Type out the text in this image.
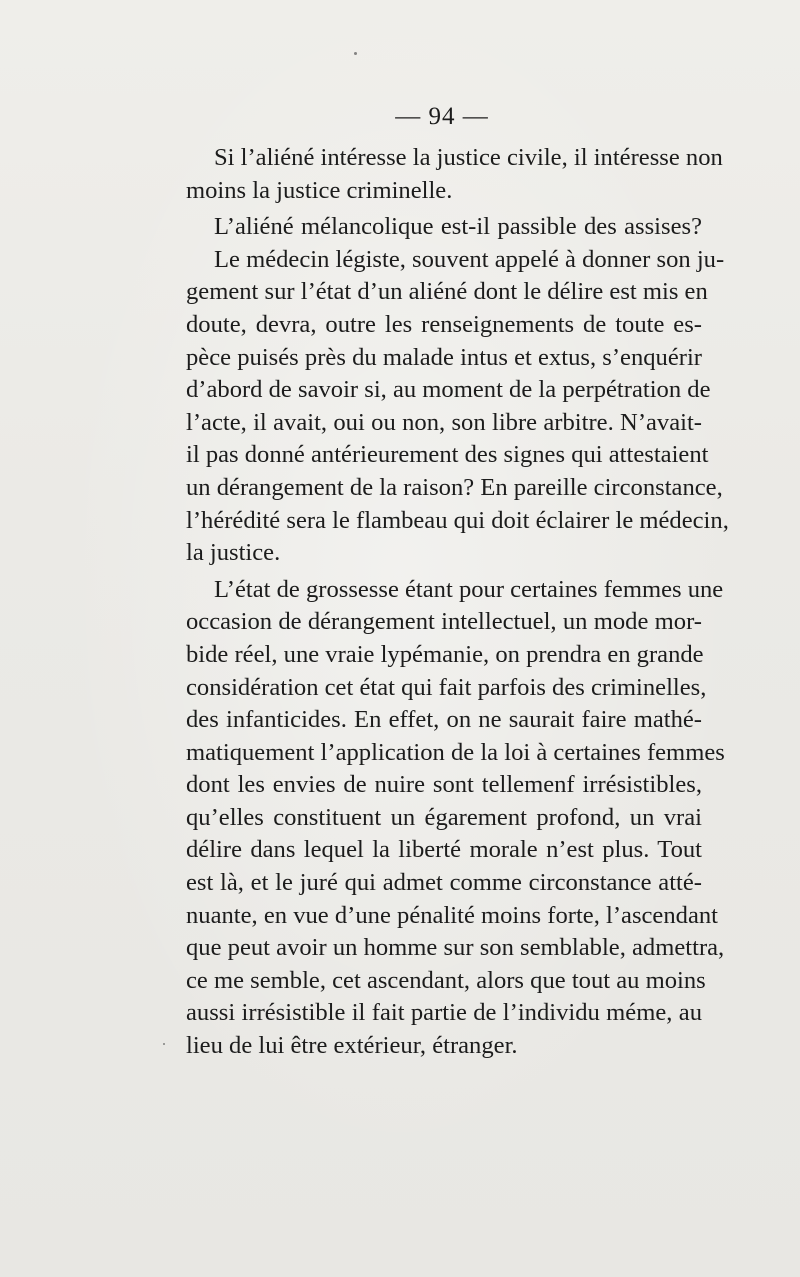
— 94 —
Si l’aliéné intéresse la justice civile, il intéresse non
moins la justice criminelle.
L’aliéné mélancolique est-il passible des assises?
Le médecin légiste, souvent appelé à donner son ju-
gement sur l’état d’un aliéné dont le délire est mis en
doute, devra, outre les renseignements de toute es-
pèce puisés près du malade intus et extus, s’enquérir
d’abord de savoir si, au moment de la perpétration de
l’acte, il avait, oui ou non, son libre arbitre. N’avait-
il pas donné antérieurement des signes qui attestaient
un dérangement de la raison? En pareille circonstance,
l’hérédité sera le flambeau qui doit éclairer le médecin,
la justice.
L’état de grossesse étant pour certaines femmes une
occasion de dérangement intellectuel, un mode mor-
bide réel, une vraie lypémanie, on prendra en grande
considération cet état qui fait parfois des criminelles,
des infanticides. En effet, on ne saurait faire mathé-
matiquement l’application de la loi à certaines femmes
dont les envies de nuire sont tellemenf irrésistibles,
qu’elles constituent un égarement profond, un vrai
délire dans lequel la liberté morale n’est plus. Tout
est là, et le juré qui admet comme circonstance atté-
nuante, en vue d’une pénalité moins forte, l’ascendant
que peut avoir un homme sur son semblable, admettra,
ce me semble, cet ascendant, alors que tout au moins
aussi irrésistible il fait partie de l’individu méme, au
lieu de lui être extérieur, étranger.
